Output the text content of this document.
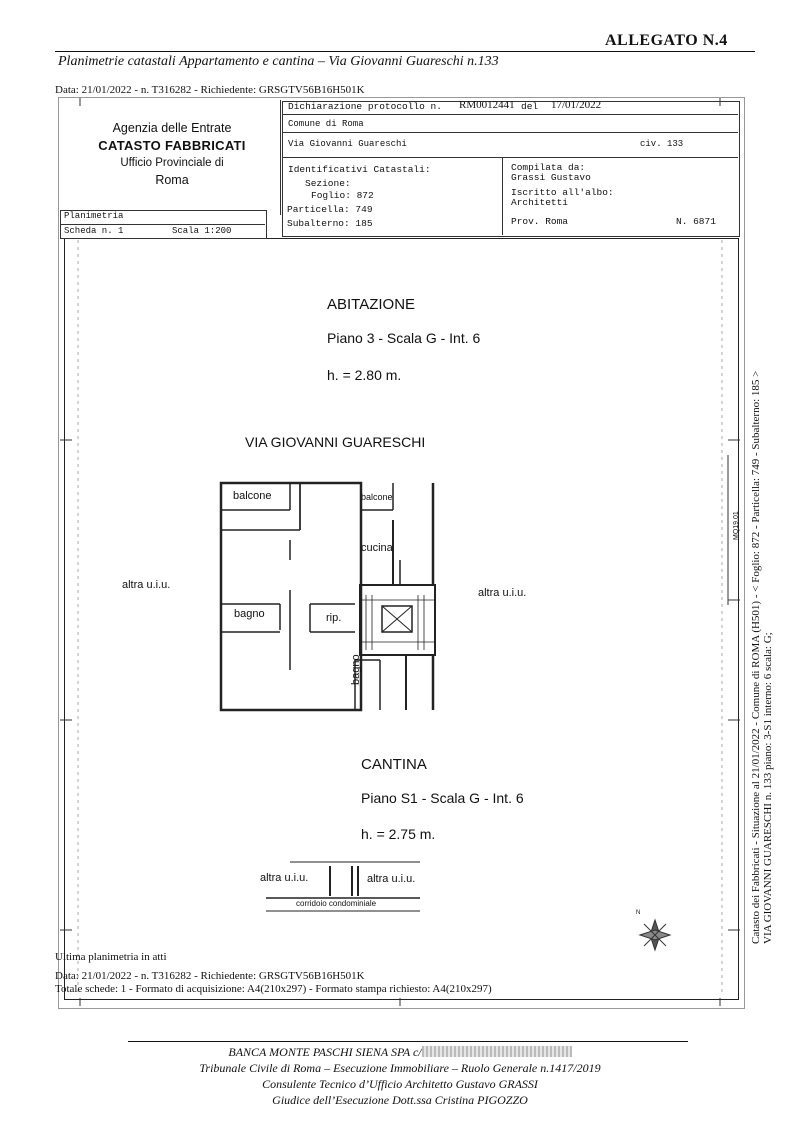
ALLEGATO N.4
Planimetrie catastali Appartamento e cantina – Via Giovanni Guareschi n.133
Data: 21/01/2022 - n. T316282 - Richiedente: GRSGTV56B16H501K
Agenzia delle Entrate
CATASTO FABBRICATI
Ufficio Provinciale di
Roma
Planimetria
Scheda n. 1	Scala 1:200
Dichiarazione protocollo n. RM0012441 del 17/01/2022
Comune di Roma
Via Giovanni Guareschi	civ. 133
Identificativi Catastali:
Sezione:
Foglio: 872
Particella: 749
Subalterno: 185
Compilata da:
Grassi Gustavo
Iscritto all'albo:
Architetti
Prov. Roma	N. 6871
ABITAZIONE
Piano 3 - Scala G - Int. 6
h. = 2.80 m.
VIA GIOVANNI GUARESCHI
altra u.i.u.
altra u.i.u.
balcone	balcone
cucina
bagno	rip.
bagno
CANTINA
Piano S1 - Scala G - Int. 6
h. = 2.75 m.
altra u.i.u.	altra u.i.u.
corridoio condominiale
N
MQ19.01 Catasto dei Fabbricati - Situazione al 21/01/2022 - Comune di ROMA (H501) - < Foglio: 872 - Particella: 749 - Subalterno: 185 > VIA GIOVANNI GUARESCHI n. 133 piano: 3-S1 interno: 6 scala: G;
Ultima planimetria in atti
Data: 21/01/2022 - n. T316282 - Richiedente: GRSGTV56B16H501K
Totale schede: 1 - Formato di acquisizione: A4(210x297) - Formato stampa richiesto: A4(210x297)
BANCA MONTE PASCHI SIENA SPA c/
Tribunale Civile di Roma – Esecuzione Immobiliare – Ruolo Generale n.1417/2019
Consulente Tecnico d’Ufficio Architetto Gustavo GRASSI
Giudice dell’Esecuzione Dott.ssa Cristina PIGOZZO
